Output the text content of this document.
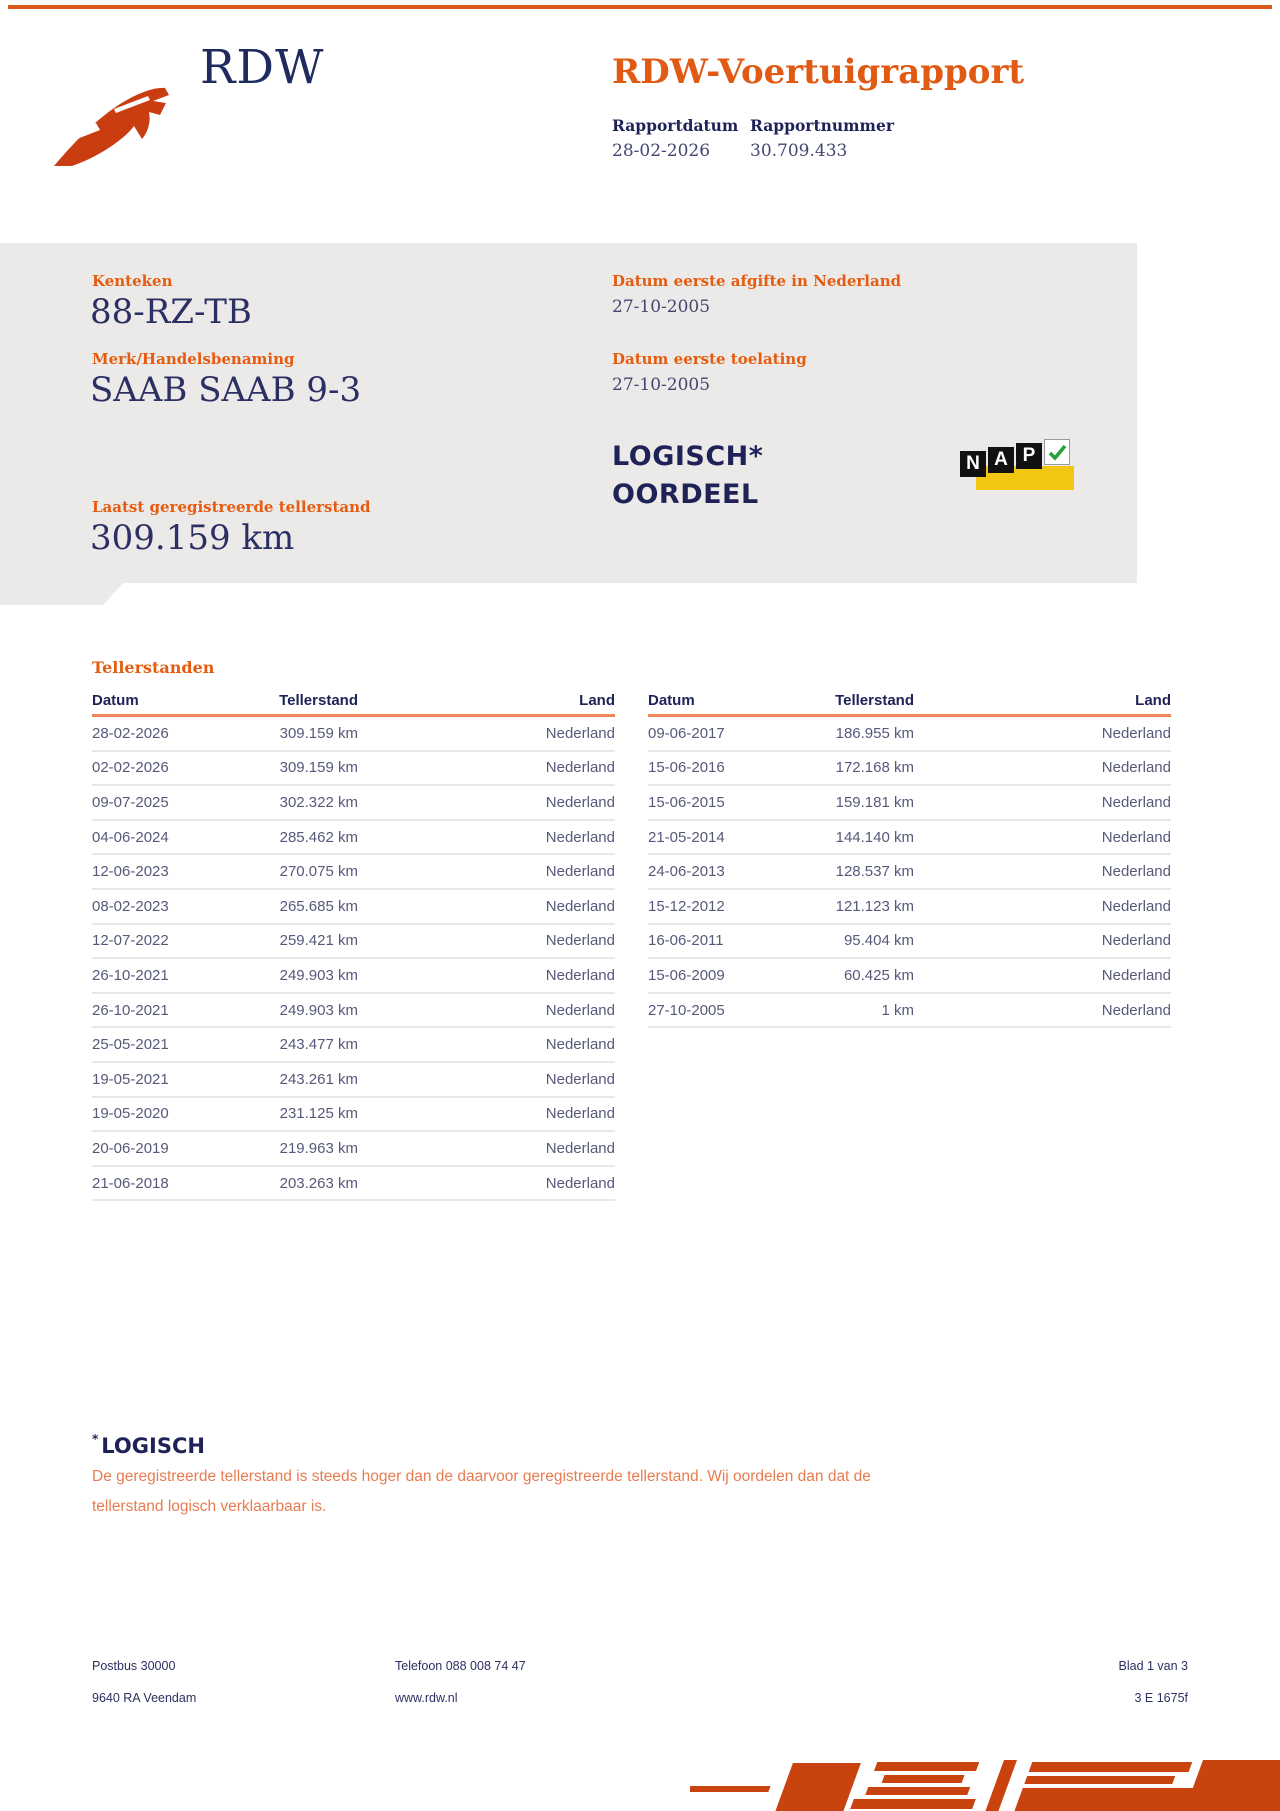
RDW	RDW-Voertuigrapport
Rapportdatum Rapportnummer
28-02-2026 30.709.433
Kenteken
88-RZ-TB
Merk/Handelsbenaming
SAAB SAAB 9-3
Laatst geregistreerde tellerstand
309.159 km
Datum eerste afgifte in Nederland
27-10-2005
Datum eerste toelating
27-10-2005
LOGISCH*
OORDEEL
N A P
Tellerstanden
Datum	Tellerstand	Land
28-02-2026	309.159 km	Nederland
02-02-2026	309.159 km	Nederland
09-07-2025	302.322 km	Nederland
04-06-2024	285.462 km	Nederland
12-06-2023	270.075 km	Nederland
08-02-2023	265.685 km	Nederland
12-07-2022	259.421 km	Nederland
26-10-2021	249.903 km	Nederland
26-10-2021	249.903 km	Nederland
25-05-2021	243.477 km	Nederland
19-05-2021	243.261 km	Nederland
19-05-2020	231.125 km	Nederland
20-06-2019	219.963 km	Nederland
21-06-2018	203.263 km	Nederland
Datum	Tellerstand	Land
09-06-2017	186.955 km	Nederland
15-06-2016	172.168 km	Nederland
15-06-2015	159.181 km	Nederland
21-05-2014	144.140 km	Nederland
24-06-2013	128.537 km	Nederland
15-12-2012	121.123 km	Nederland
16-06-2011	95.404 km	Nederland
15-06-2009	60.425 km	Nederland
27-10-2005	1 km	Nederland
* LOGISCH
De geregistreerde tellerstand is steeds hoger dan de daarvoor geregistreerde tellerstand. Wij oordelen dan dat de tellerstand logisch verklaarbaar is.
Postbus 30000
9640 RA Veendam
Telefoon 088 008 74 47
www.rdw.nl
Blad 1 van 3
3 E 1675f
